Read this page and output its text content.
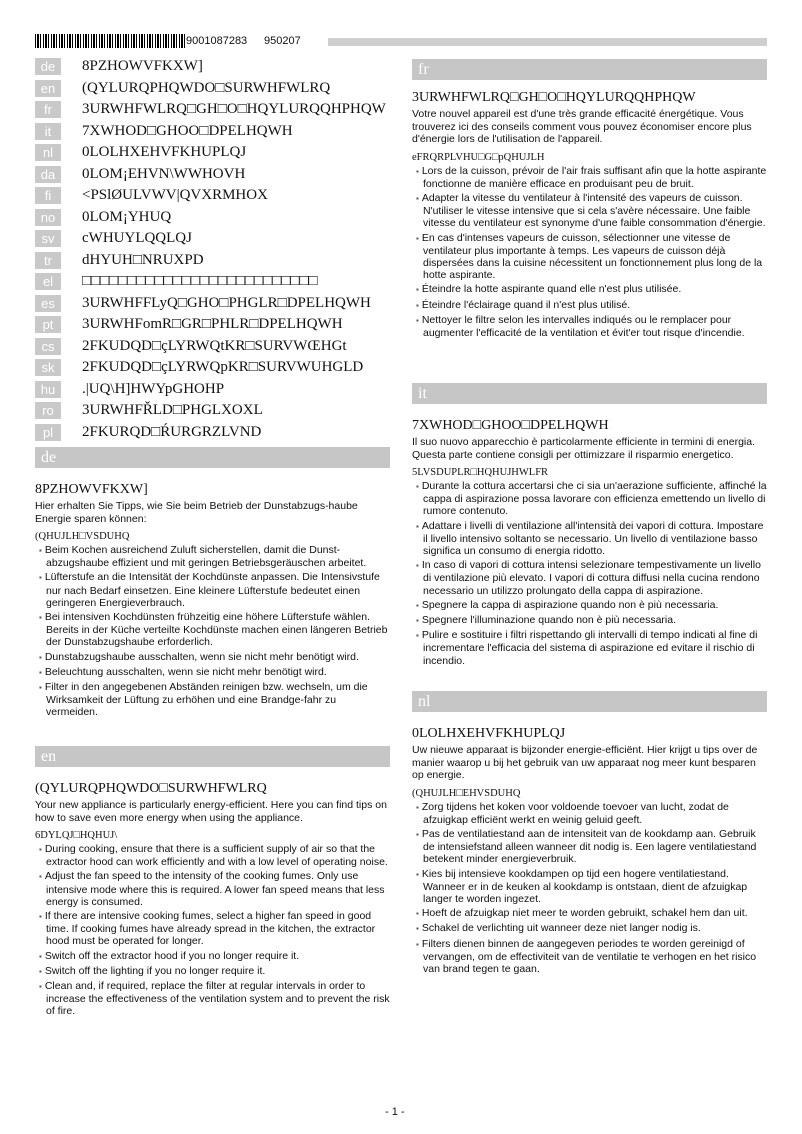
9001087283 950207
de	8PZHOWVFKXW]
en	(QYLURQPHQWDO□SURWHFWLRQ
fr	3URWHFWLRQ□GH□O□HQYLURQQHPHQW
it	7XWHOD□GHOO□DPELHQWH
nl	0LOLHXEHVFKHUPLQJ
da	0LOM¡EHVN\WWHOVH
fi	<PSlØULVWV|QVXRMHOX
no	0LOM¡YHUQ
sv	cWHUYLQQLQJ
tr	dHYUH□NRUXPD
el	□□□□□□□□□□□□□□□□□□□□□□□□□□
es	3URWHFFLyQ□GHO□PHGLR□DPELHQWH
pt	3URWHFomR□GR□PHLR□DPELHQWH
cs	2FKUDQD□çLYRWQtKR□SURVWŒHGt
sk	2FKUDQD□çLYRWQpKR□SURVWUHGLD
hu	.|UQ\H]HWYpGHOHP
ro	3URWHFŘLD□PHGLXOXL
pl	2FKURQD□ŔURGRZLVND
de
8PZHOWVFKXW]
Hier erhalten Sie Tipps, wie Sie beim Betrieb der Dunstabzugs-haube Energie sparen können:
(QHUJLH□VSDUHQ
▪ Beim Kochen ausreichend Zuluft sicherstellen, damit die Dunst-abzugshaube effizient und mit geringen Betriebsgeräuschen arbeitet.
▪ Lüfterstufe an die Intensität der Kochdünste anpassen. Die Intensivstufe nur nach Bedarf einsetzen. Eine kleinere Lüfterstufe bedeutet einen geringeren Energieverbrauch.
▪ Bei intensiven Kochdünsten frühzeitig eine höhere Lüfterstufe wählen. Bereits in der Küche verteilte Kochdünste machen einen längeren Betrieb der Dunstabzugshaube erforderlich.
▪ Dunstabzugshaube ausschalten, wenn sie nicht mehr benötigt wird.
▪ Beleuchtung ausschalten, wenn sie nicht mehr benötigt wird.
▪ Filter in den angegebenen Abständen reinigen bzw. wechseln, um die Wirksamkeit der Lüftung zu erhöhen und eine Brandge-fahr zu vermeiden.
en
(QYLURQPHQWDO□SURWHFWLRQ
Your new appliance is particularly energy-efficient. Here you can find tips on how to save even more energy when using the appliance.
6DYLQJ□HQHUJ\
▪ During cooking, ensure that there is a sufficient supply of air so that the extractor hood can work efficiently and with a low level of operating noise.
▪ Adjust the fan speed to the intensity of the cooking fumes. Only use intensive mode where this is required. A lower fan speed means that less energy is consumed.
▪ If there are intensive cooking fumes, select a higher fan speed in good time. If cooking fumes have already spread in the kitchen, the extractor hood must be operated for longer.
▪ Switch off the extractor hood if you no longer require it.
▪ Switch off the lighting if you no longer require it.
▪ Clean and, if required, replace the filter at regular intervals in order to increase the effectiveness of the ventilation system and to prevent the risk of fire.
fr
3URWHFWLRQ□GH□O□HQYLURQQHPHQW
Votre nouvel appareil est d'une très grande efficacité énergétique. Vous trouverez ici des conseils comment vous pouvez économiser encore plus d'énergie lors de l'utilisation de l'appareil.
eFRQRPLVHU□G□pQHUJLH
▪ Lors de la cuisson, prévoir de l'air frais suffisant afin que la hotte aspirante fonctionne de manière efficace en produisant peu de bruit.
▪ Adapter la vitesse du ventilateur à l'intensité des vapeurs de cuisson. N'utiliser le vitesse intensive que si cela s'avère nécessaire. Une faible vitesse du ventilateur est synonyme d'une faible consommation d'énergie.
▪ En cas d'intenses vapeurs de cuisson, sélectionner une vitesse de ventilateur plus importante à temps. Les vapeurs de cuisson déjà dispersées dans la cuisine nécessitent un fonctionnement plus long de la hotte aspirante.
▪ Éteindre la hotte aspirante quand elle n'est plus utilisée.
▪ Éteindre l'éclairage quand il n'est plus utilisé.
▪ Nettoyer le filtre selon les intervalles indiqués ou le remplacer pour augmenter l'efficacité de la ventilation et évit'er tout risque d'incendie.
it
7XWHOD□GHOO□DPELHQWH
Il suo nuovo apparecchio è particolarmente efficiente in termini di energia. Questa parte contiene consigli per ottimizzare il risparmio energetico.
5LVSDUPLR□HQHUJHWLFR
▪ Durante la cottura accertarsi che ci sia un'aerazione sufficiente, affinché la cappa di aspirazione possa lavorare con efficienza emettendo un livello di rumore contenuto.
▪ Adattare i livelli di ventilazione all'intensità dei vapori di cottura. Impostare il livello intensivo soltanto se necessario. Un livello di ventilazione basso significa un consumo di energia ridotto.
▪ In caso di vapori di cottura intensi selezionare tempestivamente un livello di ventilazione più elevato. I vapori di cottura diffusi nella cucina rendono necessario un utilizzo prolungato della cappa di aspirazione.
▪ Spegnere la cappa di aspirazione quando non è più necessaria.
▪ Spegnere l'illuminazione quando non è più necessaria.
▪ Pulire e sostituire i filtri rispettando gli intervalli di tempo indicati al fine di incrementare l'efficacia del sistema di aspirazione ed evitare il rischio di incendio.
nl
0LOLHXEHVFKHUPLQJ
Uw nieuwe apparaat is bijzonder energie-efficiënt. Hier krijgt u tips over de manier waarop u bij het gebruik van uw apparaat nog meer kunt besparen op energie.
(QHUJLH□EHVSDUHQ
▪ Zorg tijdens het koken voor voldoende toevoer van lucht, zodat de afzuigkap efficiënt werkt en weinig geluid geeft.
▪ Pas de ventilatiestand aan de intensiteit van de kookdamp aan. Gebruik de intensiefstand alleen wanneer dit nodig is. Een lagere ventilatiestand betekent minder energieverbruik.
▪ Kies bij intensieve kookdampen op tijd een hogere ventilatiestand. Wanneer er in de keuken al kookdamp is ontstaan, dient de afzuigkap langer te worden ingezet.
▪ Hoeft de afzuigkap niet meer te worden gebruikt, schakel hem dan uit.
▪ Schakel de verlichting uit wanneer deze niet langer nodig is.
▪ Filters dienen binnen de aangegeven periodes te worden gereinigd of vervangen, om de effectiviteit van de ventilatie te verhogen en het risico van brand tegen te gaan.
- 1 -
